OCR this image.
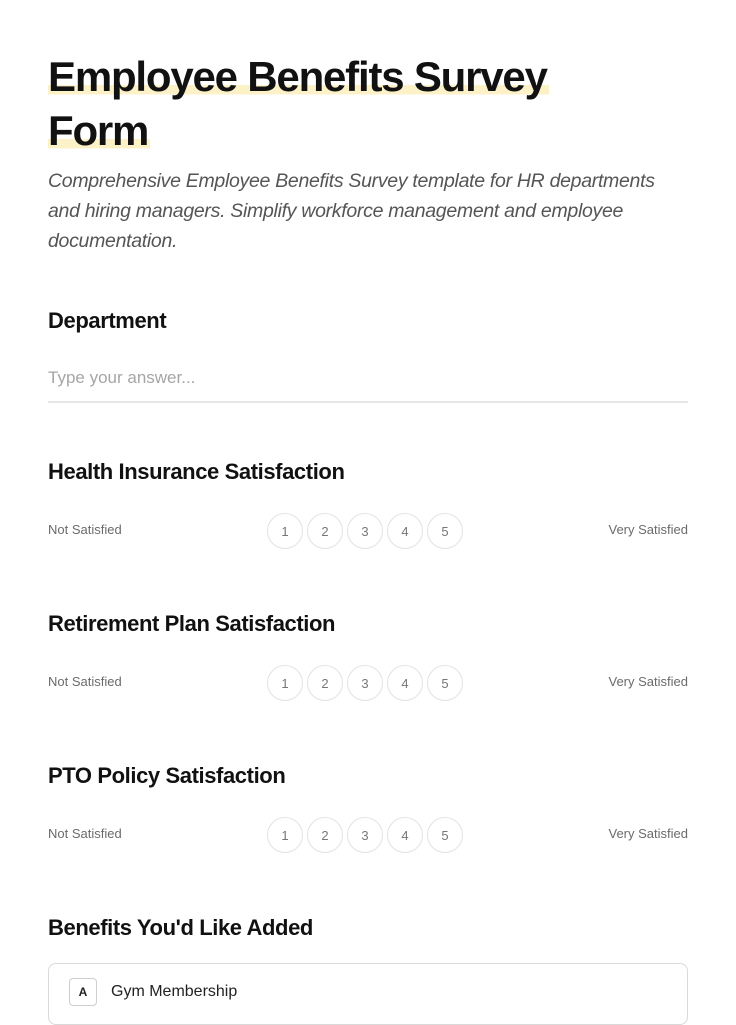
Employee Benefits Survey
Form

Comprehensive Employee Benefits Survey template for HR departments and hiring managers. Simplify workforce management and employee documentation.

Department
Type your answer...
Health Insurance Satisfaction
Not Satisfied	1	2	3	4	5	Very Satisfied
Retirement Plan Satisfaction
Not Satisfied	1	2	3	4	5	Very Satisfied
PTO Policy Satisfaction
Not Satisfied	1	2	3	4	5	Very Satisfied
Benefits You'd Like Added
A	Gym Membership
